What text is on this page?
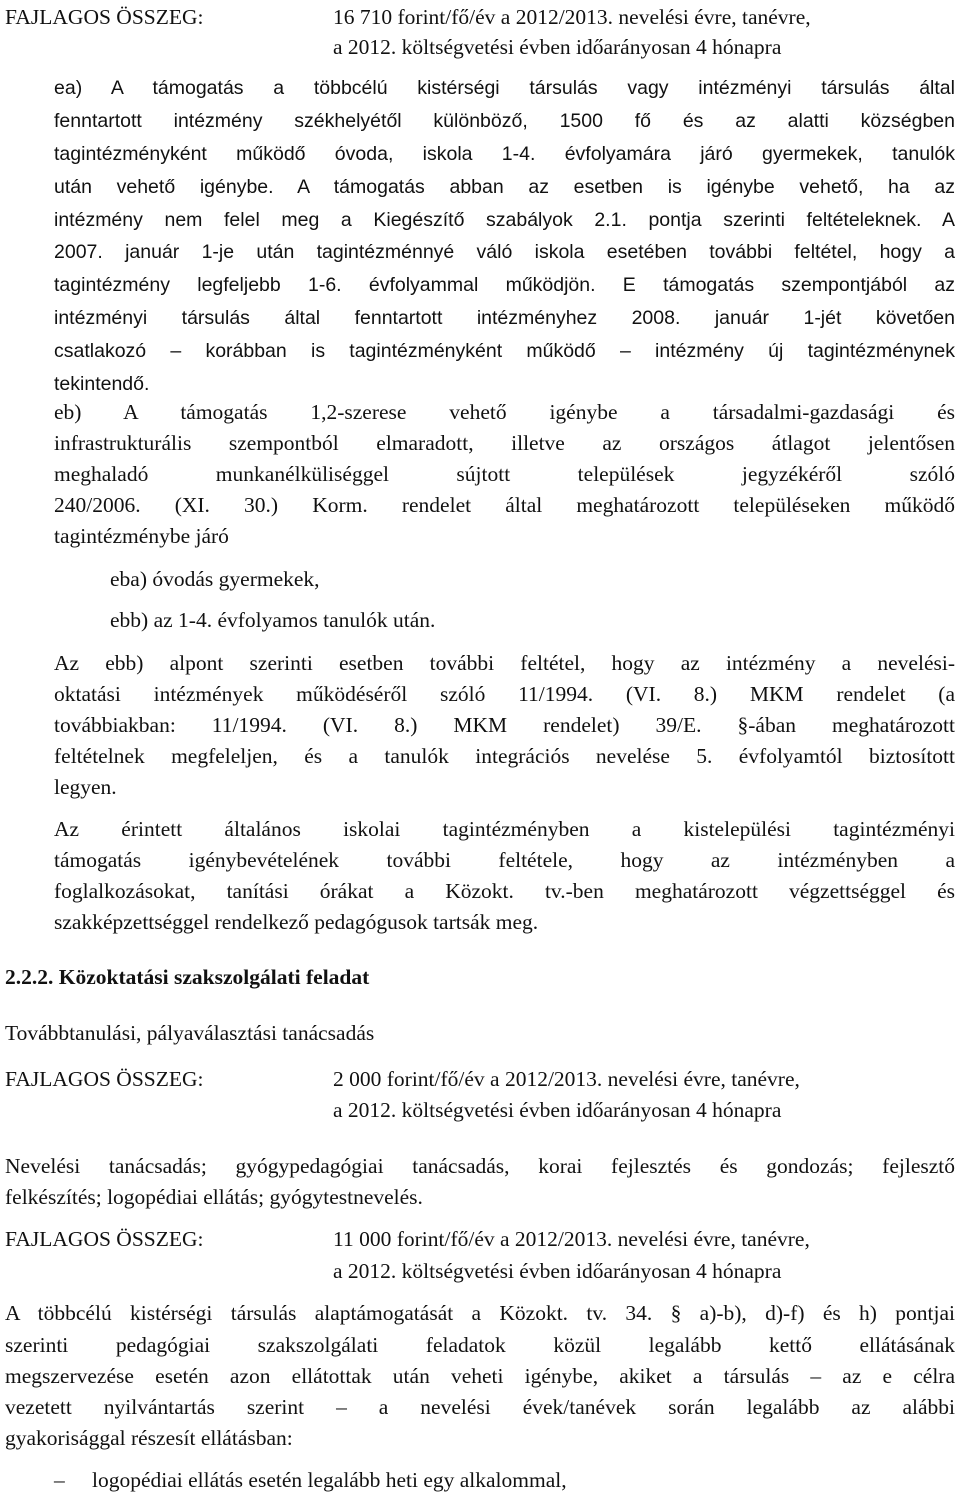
FAJLAGOS ÖSSZEG:	16 710 forint/fő/év a 2012/2013. nevelési évre, tanévre,
a 2012. költségvetési évben időarányosan 4 hónapra
ea) A támogatás a többcélú kistérségi társulás vagy intézményi társulás által
fenntartott intézmény székhelyétől különböző, 1500 fő és az alatti községben
tagintézményként működő óvoda, iskola 1-4. évfolyamára járó gyermekek, tanulók
után vehető igénybe. A támogatás abban az esetben is igénybe vehető, ha az
intézmény nem felel meg a Kiegészítő szabályok 2.1. pontja szerinti feltételeknek. A
2007. január 1-je után tagintézménnyé váló iskola esetében további feltétel, hogy a
tagintézmény legfeljebb 1-6. évfolyammal működjön. E támogatás szempontjából az
intézményi társulás által fenntartott intézményhez 2008. január 1-jét követően
csatlakozó – korábban is tagintézményként működő – intézmény új tagintézménynek
tekintendő.
eb) A támogatás 1,2-szerese vehető igénybe a társadalmi-gazdasági és
infrastrukturális szempontból elmaradott, illetve az országos átlagot jelentősen
meghaladó munkanélküliséggel sújtott települések jegyzékéről szóló
240/2006. (XI. 30.) Korm. rendelet által meghatározott településeken működő
tagintézménybe járó
eba) óvodás gyermekek,
ebb) az 1-4. évfolyamos tanulók után.
Az ebb) alpont szerinti esetben további feltétel, hogy az intézmény a nevelési-
oktatási intézmények működéséről szóló 11/1994. (VI. 8.) MKM rendelet (a
továbbiakban: 11/1994. (VI. 8.) MKM rendelet) 39/E. §-ában meghatározott
feltételnek megfeleljen, és a tanulók integrációs nevelése 5. évfolyamtól biztosított
legyen.
Az érintett általános iskolai tagintézményben a kistelepülési tagintézményi
támogatás igénybevételének további feltétele, hogy az intézményben a
foglalkozásokat, tanítási órákat a Közokt. tv.-ben meghatározott végzettséggel és
szakképzettséggel rendelkező pedagógusok tartsák meg.
2.2.2. Közoktatási szakszolgálati feladat
Továbbtanulási, pályaválasztási tanácsadás
FAJLAGOS ÖSSZEG:	2 000 forint/fő/év a 2012/2013. nevelési évre, tanévre,
a 2012. költségvetési évben időarányosan 4 hónapra
Nevelési tanácsadás; gyógypedagógiai tanácsadás, korai fejlesztés és gondozás; fejlesztő
felkészítés; logopédiai ellátás; gyógytestnevelés.
FAJLAGOS ÖSSZEG:	11 000 forint/fő/év a 2012/2013. nevelési évre, tanévre,
a 2012. költségvetési évben időarányosan 4 hónapra
A többcélú kistérségi társulás alaptámogatását a Közokt. tv. 34. § a)-b), d)-f) és h) pontjai
szerinti pedagógiai szakszolgálati feladatok közül legalább kettő ellátásának
megszervezése esetén azon ellátottak után veheti igénybe, akiket a társulás – az e célra
vezetett nyilvántartás szerint – a nevelési évek/tanévek során legalább az alábbi
gyakorisággal részesít ellátásban:
– logopédiai ellátás esetén legalább heti egy alkalommal,
